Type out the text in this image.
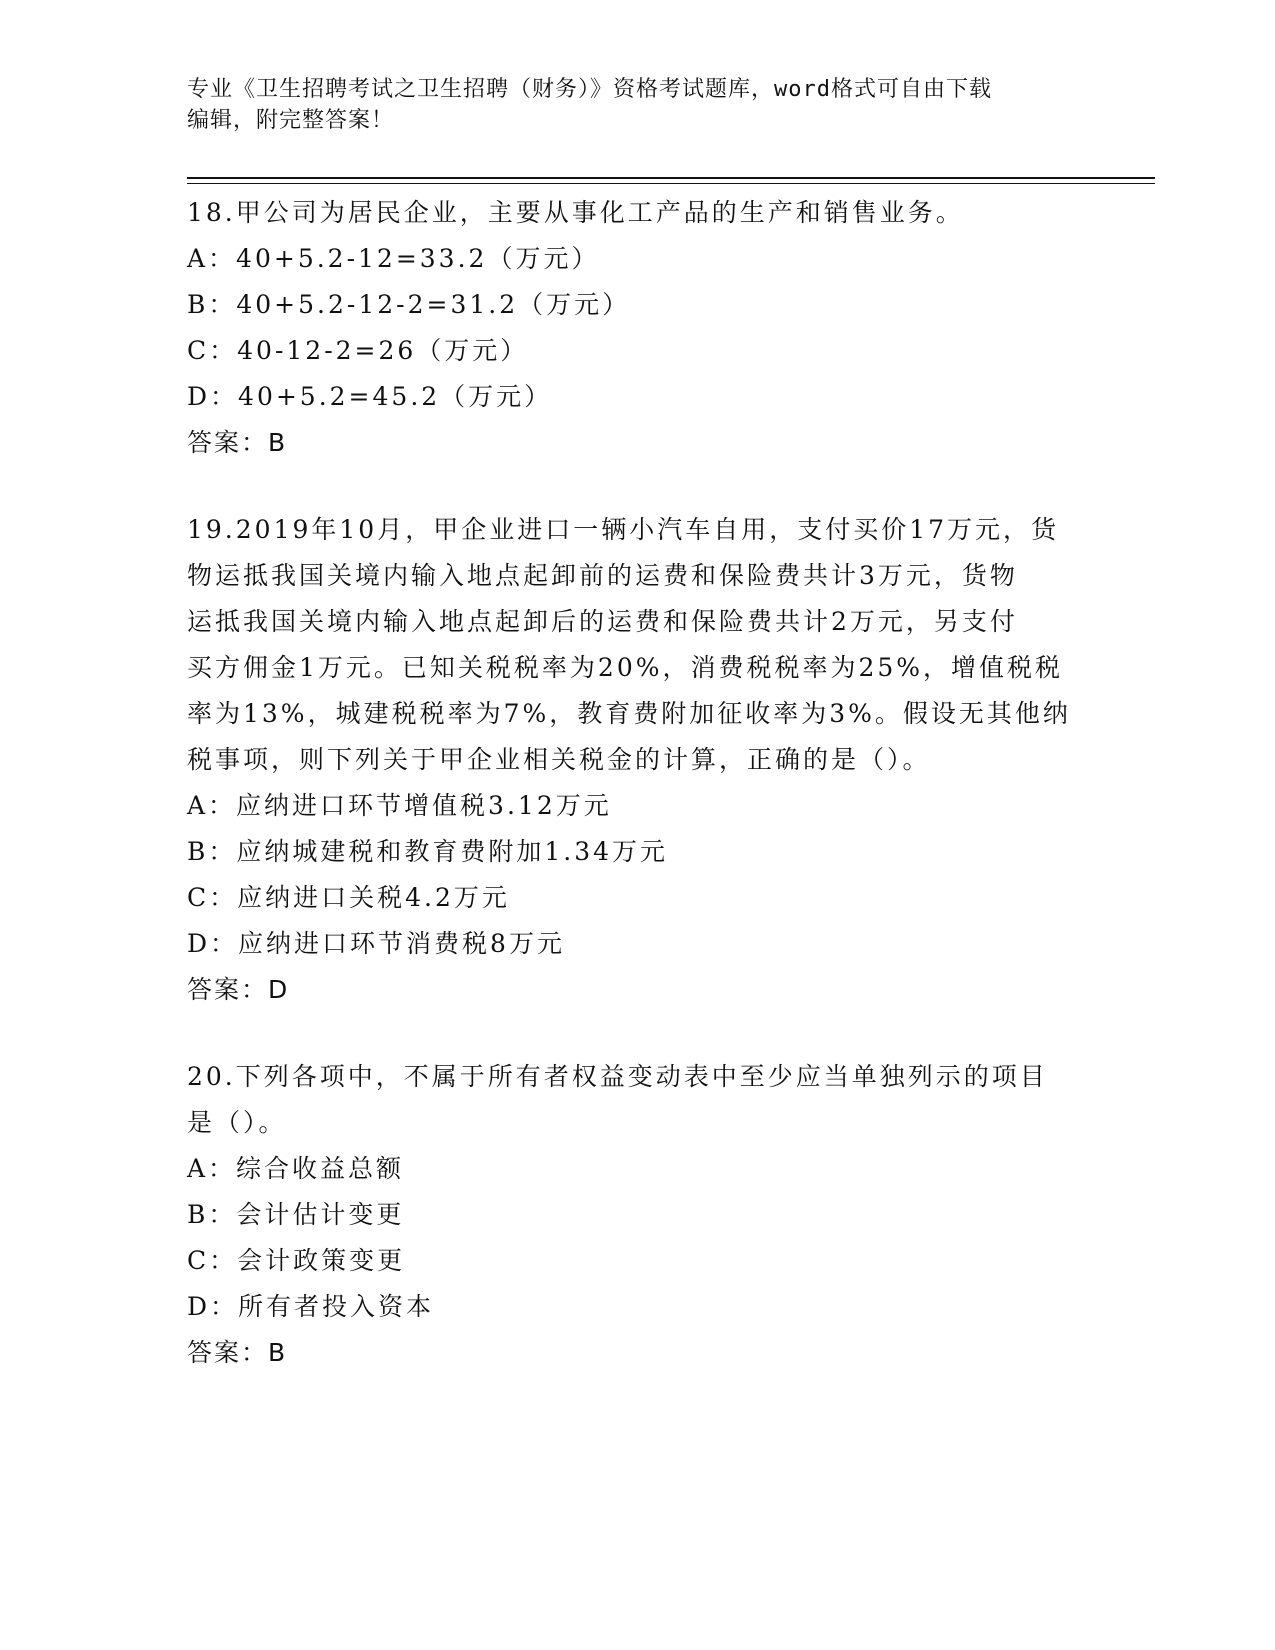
专业《卫生招聘考试之卫生招聘（财务）》资格考试题库，word格式可自由下载
编辑，附完整答案！
18.甲公司为居民企业，主要从事化工产品的生产和销售业务。
A：40+5.2-12=33.2（万元）
B：40+5.2-12-2=31.2（万元）
C：40-12-2=26（万元）
D：40+5.2=45.2（万元）
答案：B
19.2019年10月，甲企业进口一辆小汽车自用，支付买价17万元，货
物运抵我国关境内输入地点起卸前的运费和保险费共计3万元，货物
运抵我国关境内输入地点起卸后的运费和保险费共计2万元，另支付
买方佣金1万元。已知关税税率为20%，消费税税率为25%，增值税税
率为13%，城建税税率为7%，教育费附加征收率为3%。假设无其他纳
税事项，则下列关于甲企业相关税金的计算，正确的是（）。
A：应纳进口环节增值税3.12万元
B：应纳城建税和教育费附加1.34万元
C：应纳进口关税4.2万元
D：应纳进口环节消费税8万元
答案：D
20.下列各项中，不属于所有者权益变动表中至少应当单独列示的项目
是（）。
A：综合收益总额
B：会计估计变更
C：会计政策变更
D：所有者投入资本
答案：B
